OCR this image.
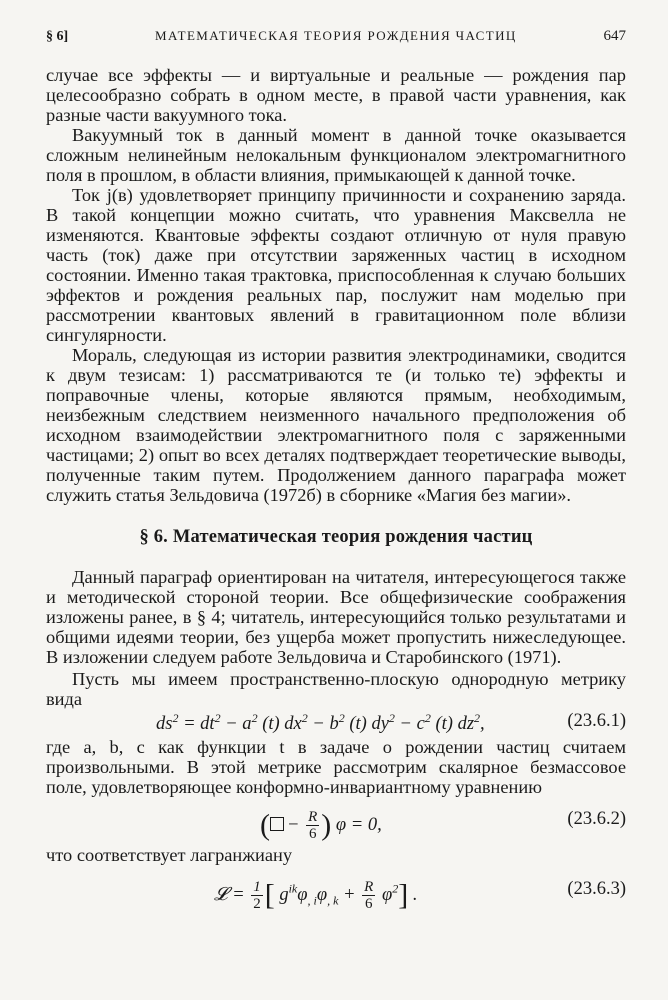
§ 6]	МАТЕМАТИЧЕСКАЯ ТЕОРИЯ РОЖДЕНИЯ ЧАСТИЦ	647

случае все эффекты — и виртуальные и реальные — рождения пар целесообразно собрать в одном месте, в правой части уравнения, как разные части вакуумного тока.

Вакуумный ток в данный момент в данной точке оказывается сложным нелинейным нелокальным функционалом электромагнитного поля в прошлом, в области влияния, примыкающей к данной точке.

Ток j(в) удовлетворяет принципу причинности и сохранению заряда. В такой концепции можно считать, что уравнения Максвелла не изменяются. Квантовые эффекты создают отличную от нуля правую часть (ток) даже при отсутствии заряженных частиц в исходном состоянии. Именно такая трактовка, приспособленная к случаю больших эффектов и рождения реальных пар, послужит нам моделью при рассмотрении квантовых явлений в гравитационном поле вблизи сингулярности.

Мораль, следующая из истории развития электродинамики, сводится к двум тезисам: 1) рассматриваются те (и только те) эффекты и поправочные члены, которые являются прямым, необходимым, неизбежным следствием неизменного начального предположения об исходном взаимодействии электромагнитного поля с заряженными частицами; 2) опыт во всех деталях подтверждает теоретические выводы, полученные таким путем. Продолжением данного параграфа может служить статья Зельдовича (1972б) в сборнике «Магия без магии».

§ 6. Математическая теория рождения частиц

Данный параграф ориентирован на читателя, интересующегося также и методической стороной теории. Все общефизические соображения изложены ранее, в § 4; читатель, интересующийся только результатами и общими идеями теории, без ущерба может пропустить нижеследующее. В изложении следуем работе Зельдовича и Старобинского (1971).

Пусть мы имеем пространственно-плоскую однородную метрику вида

$ds^2 = dt^2 - a^2$ (t) $dx^2 - b^2$ (t) $dy^2 - c^2$ (t) $dz^2$,	(23.6.1)

где a, b, c как функции t в задаче о рождении частиц считаем произвольными. В этой метрике рассмотрим скалярное безмассовое поле, удовлетворяющее конформно-инвариантному уравнению

( − $\frac{R}{6}$ ) φ = 0,	(23.6.2)

что соответствует лагранжиану

𝓛 = $\frac{1}{2}$ [ $g^{ik}\varphi_{, i}\varphi_{, k} + \frac{R}{6} \varphi^2$] .	(23.6.3)
